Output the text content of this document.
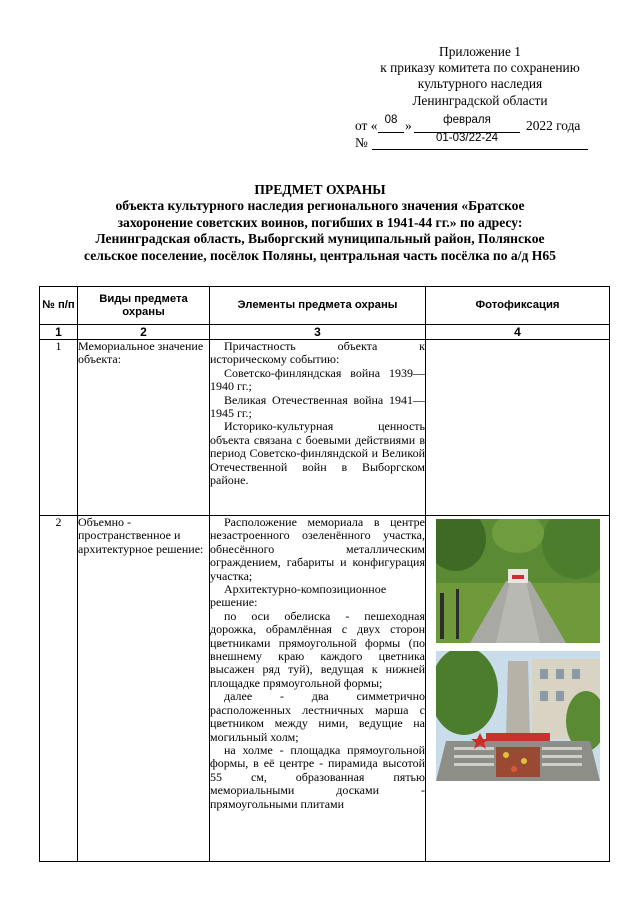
Приложение 1
к приказу комитета по сохранению
культурного наследия
Ленинградской области
от « 08 »	февраля	2022 года
№	01-03/22-24
ПРЕДМЕТ ОХРАНЫ
объекта культурного наследия регионального значения «Братское
захоронение советских воинов, погибших в 1941-44 гг.» по адресу:
Ленинградская область, Выборгский муниципальный район, Полянское
сельское поселение, посёлок Поляны, центральная часть посёлка по а/д Н65
№ п/п	Виды предмета охраны	Элементы предмета охраны	Фотофиксация
1	2	3	4
1	Мемориальное значение объекта:	Причастность объекта к историческому событию:

Советско-финляндская война 1939—1940 гг.;

Великая Отечественная война 1941—1945 гг.;

Историко-культурная ценность объекта связана с боевыми действиями в период Советско-финляндской и Великой Отечественной войн в Выборгском районе.	

2	Объемно - пространственное и архитектурное решение:	Расположение мемориала в центре незастроенного озеленённого участка, обнесённого металлическим ограждением, габариты и конфигурация участка;

Архитектурно-композиционное решение:

по оси обелиска - пешеходная дорожка, обрамлённая с двух сторон цветниками прямоугольной формы (по внешнему краю каждого цветника высажен ряд туй), ведущая к нижней площадке прямоугольной формы;

далее - два симметрично расположенных лестничных марша с цветником между ними, ведущие на могильный холм;

на холме - площадка прямоугольной формы, в её центре - пирамида высотой 55 см, образованная пятью мемориальными досками - прямоугольными плитами
